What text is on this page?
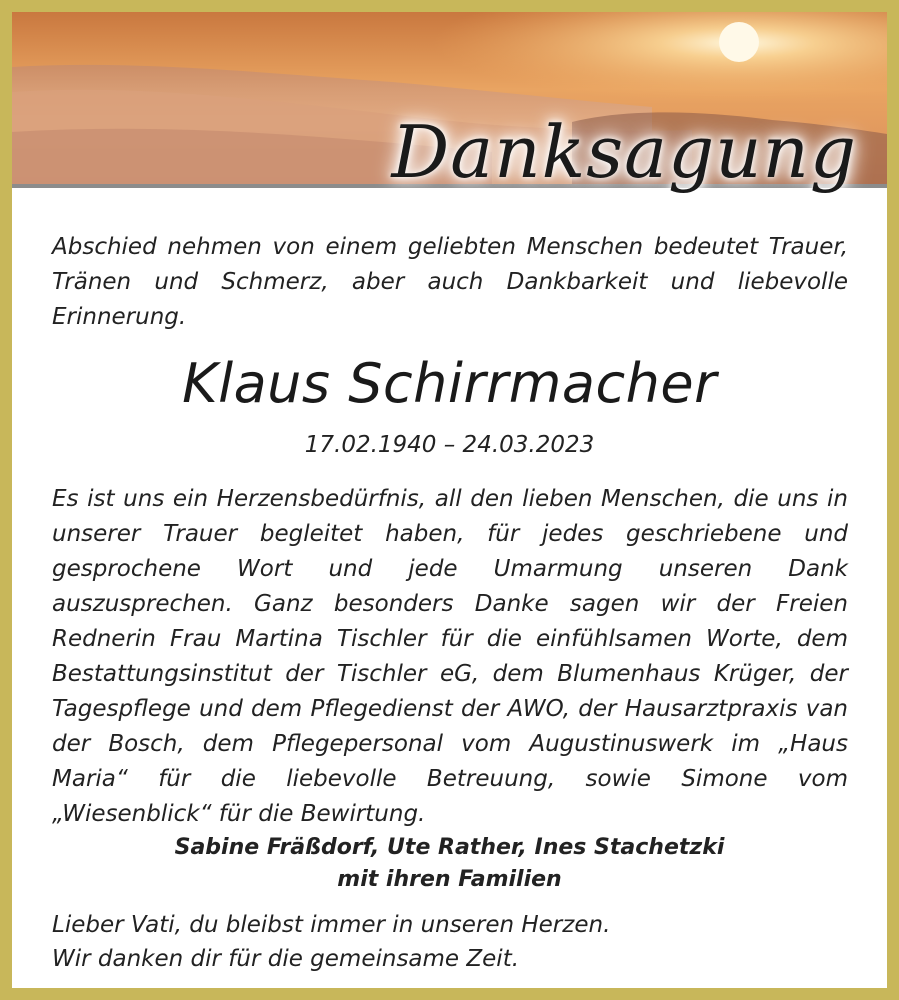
Danksagung

Abschied nehmen von einem geliebten Menschen bedeutet Trauer, Tränen und Schmerz, aber auch Dankbarkeit und liebevolle Erinnerung.

Klaus Schirrmacher
17.02.1940 – 24.03.2023

Es ist uns ein Herzensbedürfnis, all den lieben Menschen, die uns in unserer Trauer begleitet haben, für jedes geschriebene und gesprochene Wort und jede Umarmung unseren Dank auszusprechen. Ganz besonders Danke sagen wir der Freien Rednerin Frau Martina Tischler für die einfühlsamen Worte, dem Bestattungsinstitut der Tischler eG, dem Blumenhaus Krüger, der Tagespflege und dem Pflegedienst der AWO, der Hausarztpraxis van der Bosch, dem Pflegepersonal vom Augustinuswerk im „Haus Maria“ für die liebevolle Betreuung, sowie Simone vom „Wiesenblick“ für die Bewirtung.

Sabine Fräßdorf, Ute Rather, Ines Stachetzki
mit ihren Familien
Lieber Vati, du bleibst immer in unseren Herzen.
Wir danken dir für die gemeinsame Zeit.
